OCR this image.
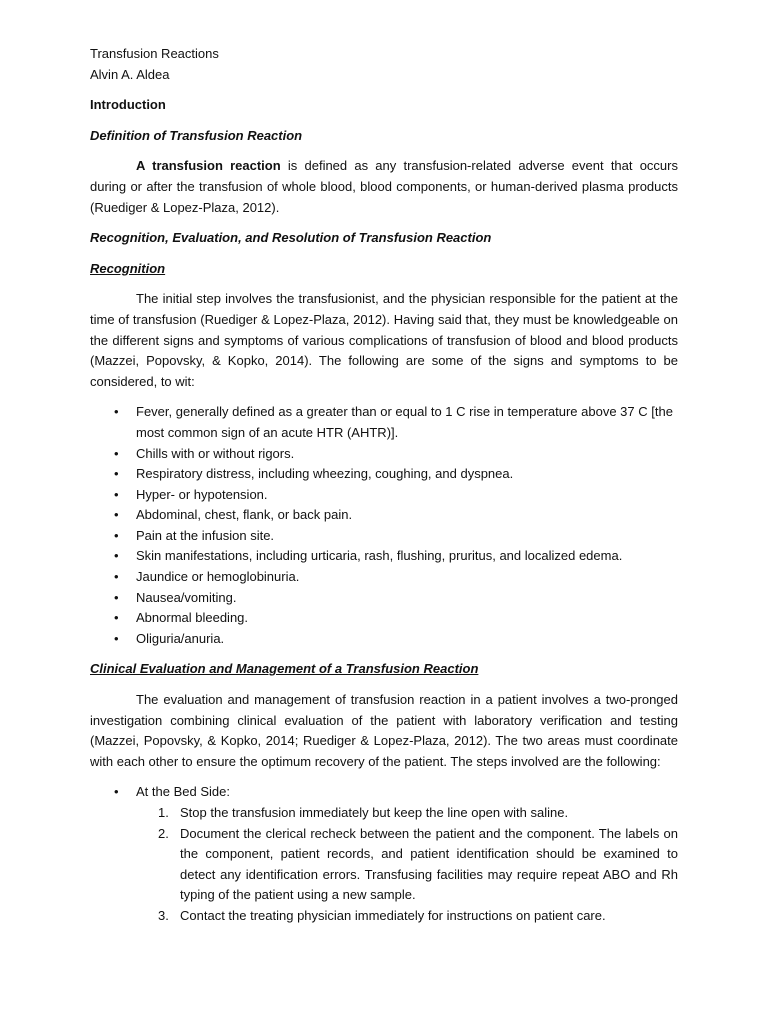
Transfusion Reactions

Alvin A. Aldea

Introduction

Definition of Transfusion Reaction

A transfusion reaction is defined as any transfusion-related adverse event that occurs during or after the transfusion of whole blood, blood components, or human-derived plasma products (Ruediger & Lopez-Plaza, 2012).

Recognition, Evaluation, and Resolution of Transfusion Reaction

Recognition

The initial step involves the transfusionist, and the physician responsible for the patient at the time of transfusion (Ruediger & Lopez-Plaza, 2012). Having said that, they must be knowledgeable on the different signs and symptoms of various complications of transfusion of blood and blood products (Mazzei, Popovsky, & Kopko, 2014). The following are some of the signs and symptoms to be considered, to wit:

• Fever, generally defined as a greater than or equal to 1 C rise in temperature above 37 C [the most common sign of an acute HTR (AHTR)].
• Chills with or without rigors.
• Respiratory distress, including wheezing, coughing, and dyspnea.
• Hyper- or hypotension.
• Abdominal, chest, flank, or back pain.
• Pain at the infusion site.
• Skin manifestations, including urticaria, rash, flushing, pruritus, and localized edema.
• Jaundice or hemoglobinuria.
• Nausea/vomiting.
• Abnormal bleeding.
• Oliguria/anuria.

Clinical Evaluation and Management of a Transfusion Reaction

The evaluation and management of transfusion reaction in a patient involves a two-pronged investigation combining clinical evaluation of the patient with laboratory verification and testing (Mazzei, Popovsky, & Kopko, 2014; Ruediger & Lopez-Plaza, 2012). The two areas must coordinate with each other to ensure the optimum recovery of the patient. The steps involved are the following:

• At the Bed Side:
1. Stop the transfusion immediately but keep the line open with saline.
2. Document the clerical recheck between the patient and the component. The labels on the component, patient records, and patient identification should be examined to detect any identification errors. Transfusing facilities may require repeat ABO and Rh typing of the patient using a new sample.
3. Contact the treating physician immediately for instructions on patient care.
